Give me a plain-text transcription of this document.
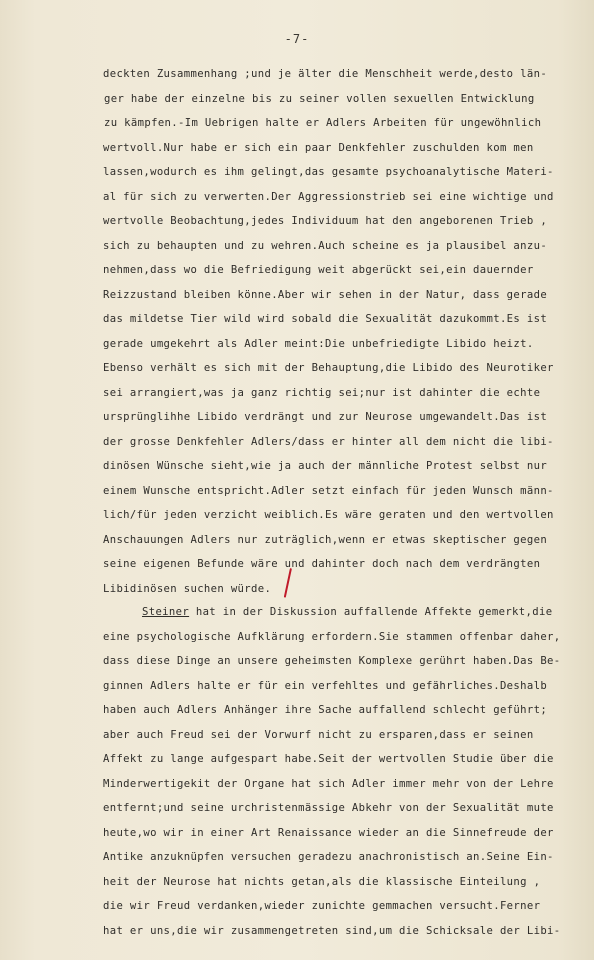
-7-
deckten Zusammenhang ;und je älter die Menschheit werde,desto län-
ger habe der einzelne bis zu seiner vollen sexuellen Entwicklung
zu kämpfen.-Im Uebrigen halte er Adlers Arbeiten für ungewöhnlich
wertvoll.Nur habe er sich ein paar Denkfehler zuschulden kom men
lassen,wodurch es ihm gelingt,das gesamte psychoanalytische Materi-
al für sich zu verwerten.Der Aggressionstrieb sei eine wichtige und
wertvolle Beobachtung,jedes Individuum hat den angeborenen Trieb ,
sich zu behaupten und zu wehren.Auch scheine es ja plausibel anzu-
nehmen,dass wo die Befriedigung weit abgerückt sei,ein dauernder
Reizzustand bleiben könne.Aber wir sehen in der Natur, dass gerade
das mildetse Tier wild wird sobald die Sexualität dazukommt.Es ist
gerade umgekehrt als Adler meint:Die unbefriedigte Libido heizt.
Ebenso verhält es sich mit der Behauptung,die Libido des Neurotiker
sei arrangiert,was ja ganz richtig sei;nur ist dahinter die echte
ursprünglihhe Libido verdrängt und zur Neurose umgewandelt.Das ist
der grosse Denkfehler Adlers/dass er hinter all dem nicht die libi-
dinösen Wünsche sieht,wie ja auch der männliche Protest selbst nur
einem Wunsche entspricht.Adler setzt einfach für jeden Wunsch männ-
lich/für jeden verzicht weiblich.Es wäre geraten und den wertvollen
Anschauungen Adlers nur zuträglich,wenn er etwas skeptischer gegen
seine eigenen Befunde wäre und dahinter doch nach dem verdrängten
Libidinösen suchen würde.
Steiner hat in der Diskussion auffallende Affekte gemerkt,die
eine psychologische Aufklärung erfordern.Sie stammen offenbar daher,
dass diese Dinge an unsere geheimsten Komplexe gerührt haben.Das Be-
ginnen Adlers halte er für ein verfehltes und gefährliches.Deshalb
haben auch Adlers Anhänger ihre Sache auffallend schlecht geführt;
aber auch Freud sei der Vorwurf nicht zu ersparen,dass er seinen
Affekt zu lange aufgespart habe.Seit der wertvollen Studie über die
Minderwertigekit der Organe hat sich Adler immer mehr von der Lehre
entfernt;und seine urchristenmässige Abkehr von der Sexualität mute
heute,wo wir in einer Art Renaissance wieder an die Sinnefreude der
Antike anzuknüpfen versuchen geradezu anachronistisch an.Seine Ein-
heit der Neurose hat nichts getan,als die klassische Einteilung ,
die wir Freud verdanken,wieder zunichte gemmachen versucht.Ferner
hat er uns,die wir zusammengetreten sind,um die Schicksale der Libi-
